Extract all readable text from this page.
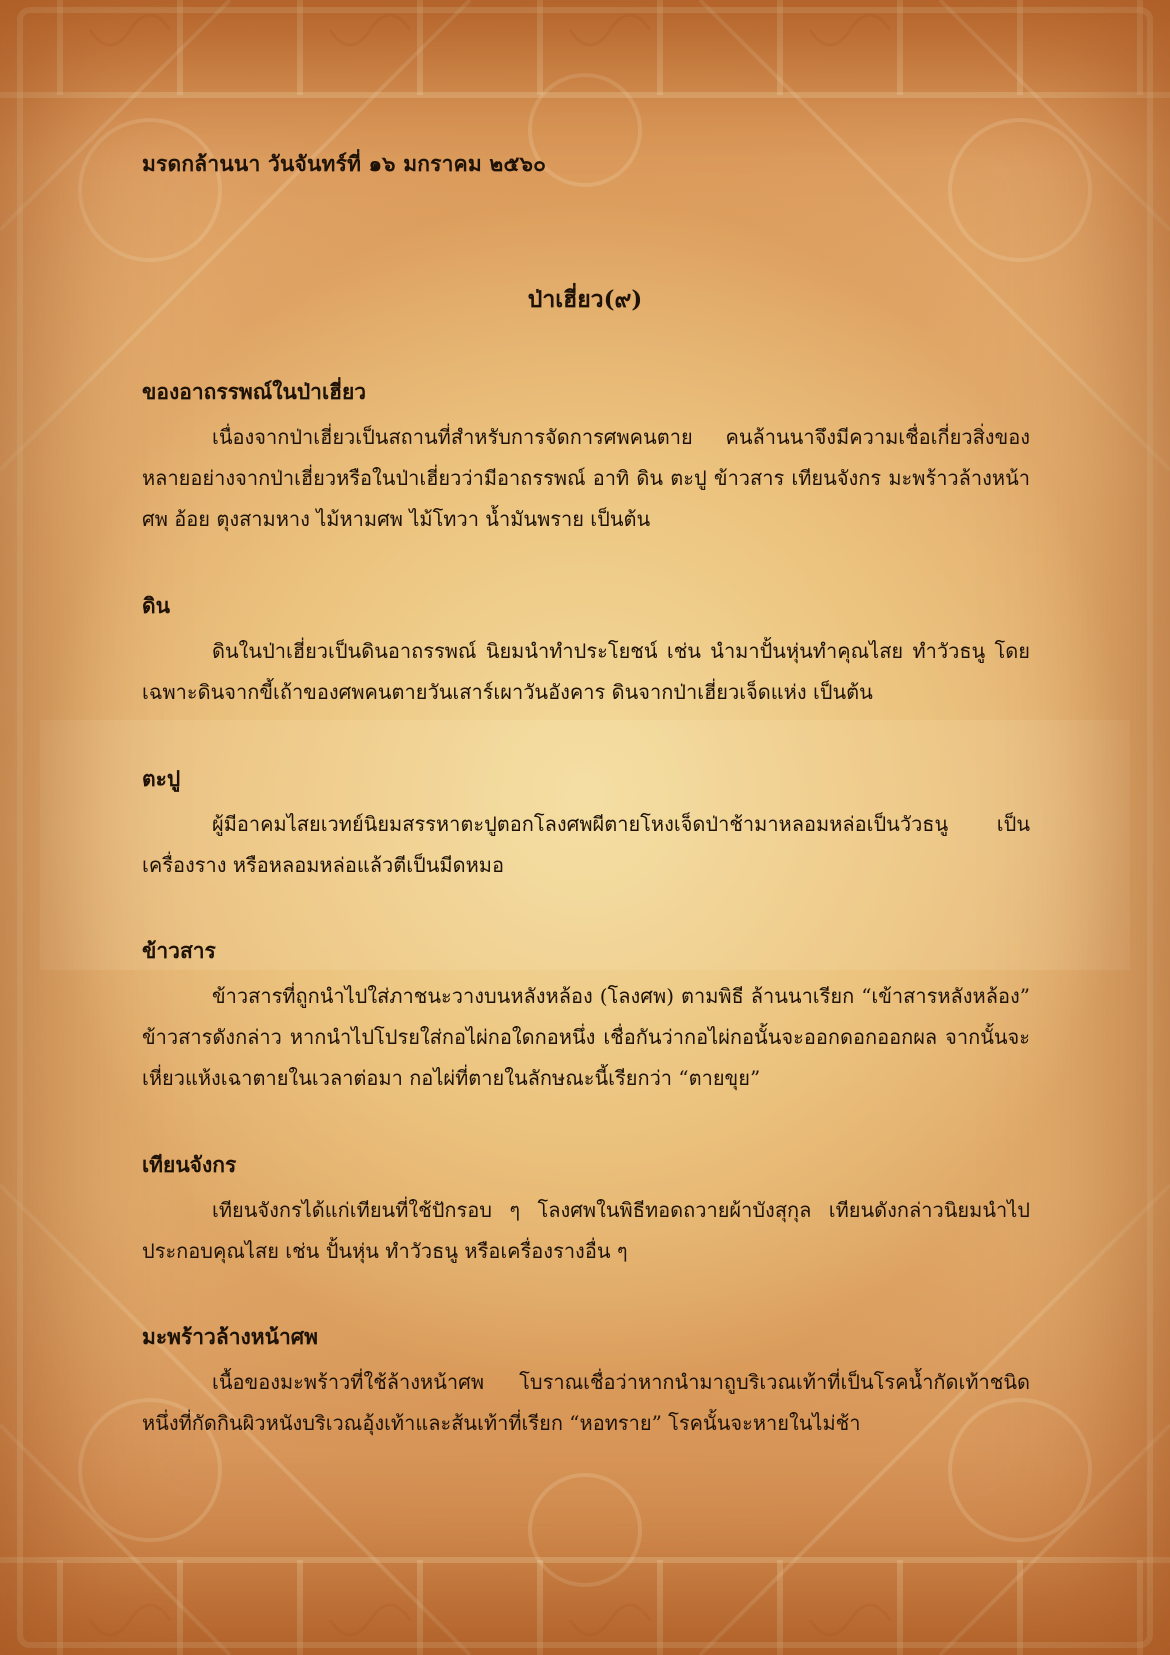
มรดกล้านนา วันจันทร์ที่ ๑๖ มกราคม ๒๕๖๐
ป่าเฮี่ยว(๙)
ของอาถรรพณ์ในป่าเฮี่ยว

เนื่องจากป่าเฮี่ยวเป็นสถานที่สำหรับการจัดการศพคนตาย คนล้านนาจึงมีความเชื่อเกี่ยวสิ่งของหลายอย่างจากป่าเฮี่ยวหรือในป่าเฮี่ยวว่ามีอาถรรพณ์ อาทิ ดิน ตะปู ข้าวสาร เทียนจังกร มะพร้าวล้างหน้าศพ อ้อย ตุงสามหาง ไม้หามศพ ไม้โทวา น้ำมันพราย เป็นต้น

ดิน

ดินในป่าเฮี่ยวเป็นดินอาถรรพณ์ นิยมนำทำประโยชน์ เช่น นำมาปั้นหุ่นทำคุณไสย ทำวัวธนู โดยเฉพาะดินจากขี้เถ้าของศพคนตายวันเสาร์เผาวันอังคาร ดินจากป่าเฮี่ยวเจ็ดแห่ง เป็นต้น

ตะปู

ผู้มีอาคมไสยเวทย์นิยมสรรหาตะปูตอกโลงศพผีตายโหงเจ็ดป่าช้ามาหลอมหล่อเป็นวัวธนู เป็นเครื่องราง หรือหลอมหล่อแล้วตีเป็นมีดหมอ

ข้าวสาร

ข้าวสารที่ถูกนำไปใส่ภาชนะวางบนหลังหล้อง (โลงศพ) ตามพิธี ล้านนาเรียก “เข้าสารหลังหล้อง” ข้าวสารดังกล่าว หากนำไปโปรยใส่กอไผ่กอใดกอหนึ่ง เชื่อกันว่ากอไผ่กอนั้นจะออกดอกออกผล จากนั้นจะเหี่ยวแห้งเฉาตายในเวลาต่อมา กอไผ่ที่ตายในลักษณะนี้เรียกว่า “ตายขุย”

เทียนจังกร

เทียนจังกรได้แก่เทียนที่ใช้ปักรอบ ๆ โลงศพในพิธีทอดถวายผ้าบังสุกุล เทียนดังกล่าวนิยมนำไปประกอบคุณไสย เช่น ปั้นหุ่น ทำวัวธนู หรือเครื่องรางอื่น ๆ

มะพร้าวล้างหน้าศพ

เนื้อของมะพร้าวที่ใช้ล้างหน้าศพ โบราณเชื่อว่าหากนำมาถูบริเวณเท้าที่เป็นโรคน้ำกัดเท้าชนิดหนึ่งที่กัดกินผิวหนังบริเวณอุ้งเท้าและส้นเท้าที่เรียก “หอทราย” โรคนั้นจะหายในไม่ช้า
